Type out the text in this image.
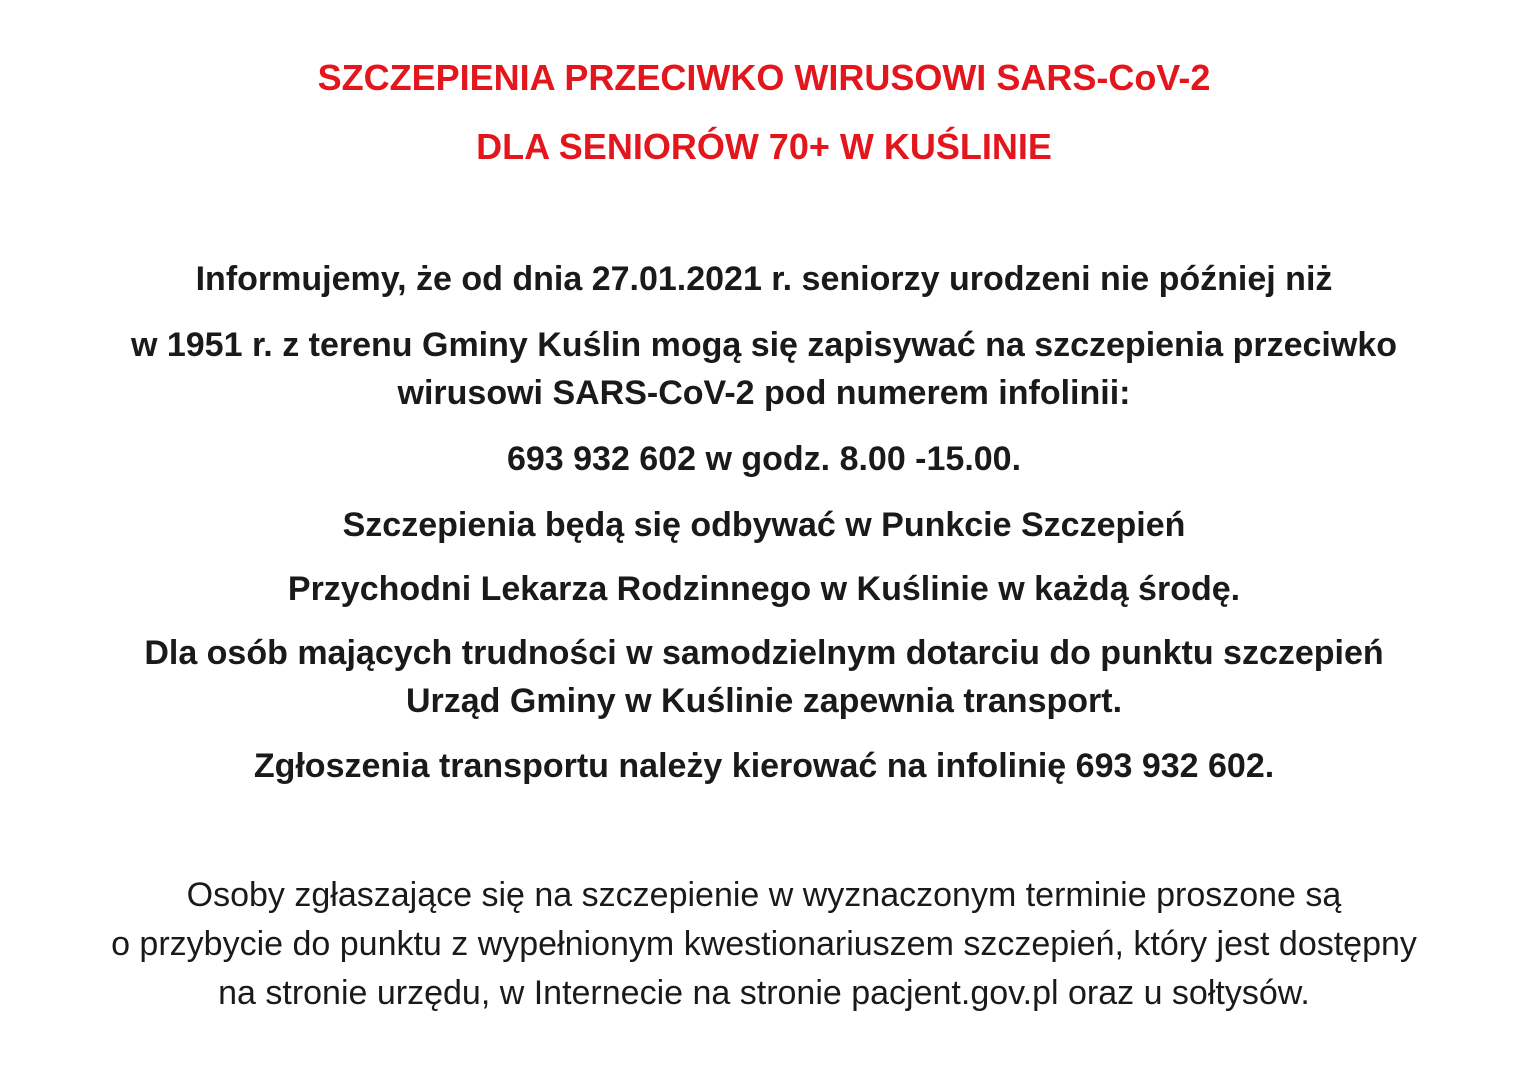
SZCZEPIENIA PRZECIWKO WIRUSOWI SARS-CoV-2
DLA SENIORÓW 70+ W KUŚLINIE
Informujemy, że od dnia 27.01.2021 r. seniorzy urodzeni nie później niż
w 1951 r. z terenu Gminy Kuślin mogą się zapisywać na szczepienia przeciwko
wirusowi SARS-CoV-2 pod numerem infolinii:
693 932 602 w godz. 8.00 -15.00.
Szczepienia będą się odbywać w Punkcie Szczepień
Przychodni Lekarza Rodzinnego w Kuślinie w każdą środę.
Dla osób mających trudności w samodzielnym dotarciu do punktu szczepień
Urząd Gminy w Kuślinie zapewnia transport.
Zgłoszenia transportu należy kierować na infolinię 693 932 602.
Osoby zgłaszające się na szczepienie w wyznaczonym terminie proszone są
o przybycie do punktu z wypełnionym kwestionariuszem szczepień, który jest dostępny
na stronie urzędu, w Internecie na stronie pacjent.gov.pl oraz u sołtysów.
